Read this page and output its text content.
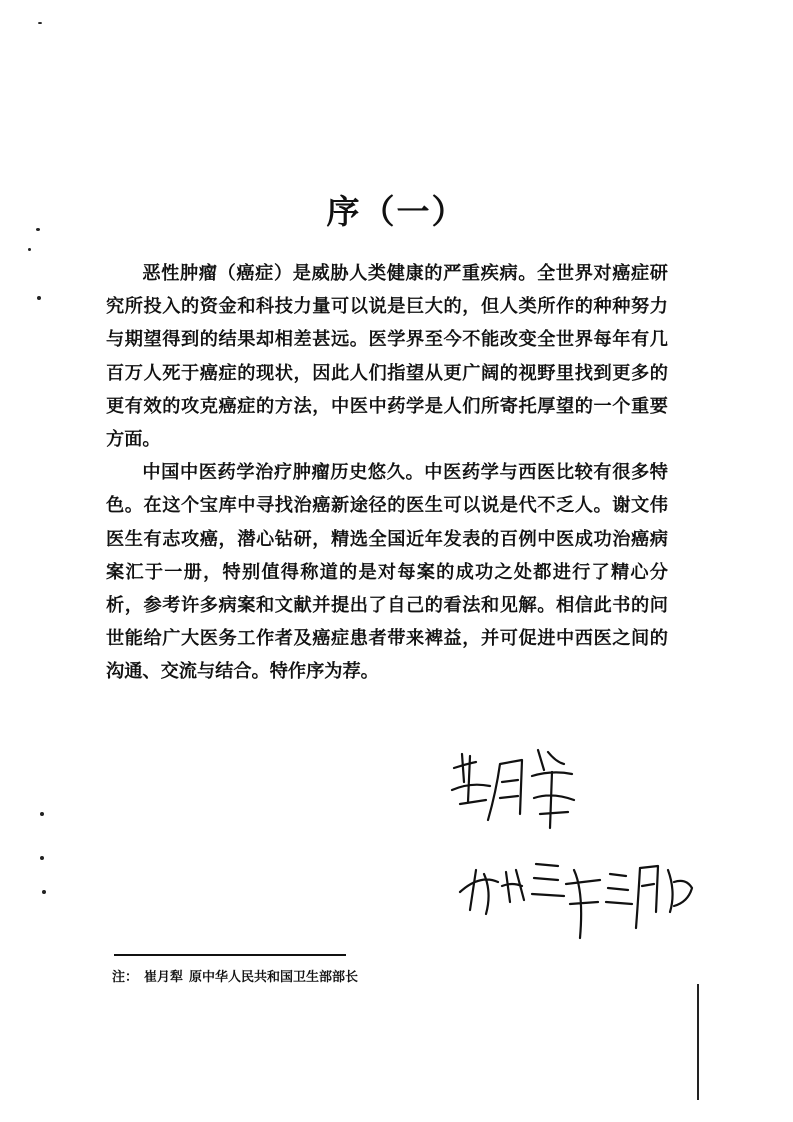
序（一）

恶性肿瘤（癌症）是威胁人类健康的严重疾病。全世界对癌症研究所投入的资金和科技力量可以说是巨大的，但人类所作的种种努力与期望得到的结果却相差甚远。医学界至今不能改变全世界每年有几百万人死于癌症的现状，因此人们指望从更广阔的视野里找到更多的更有效的攻克癌症的方法，中医中药学是人们所寄托厚望的一个重要方面。

中国中医药学治疗肿瘤历史悠久。中医药学与西医比较有很多特色。在这个宝库中寻找治癌新途径的医生可以说是代不乏人。谢文伟医生有志攻癌，潜心钻研，精选全国近年发表的百例中医成功治癌病案汇于一册，特别值得称道的是对每案的成功之处都进行了精心分析，参考许多病案和文献并提出了自己的看法和见解。相信此书的问世能给广大医务工作者及癌症患者带来裨益，并可促进中西医之间的沟通、交流与结合。特作序为荐。

注： 崔月犁 原中华人民共和国卫生部部长
